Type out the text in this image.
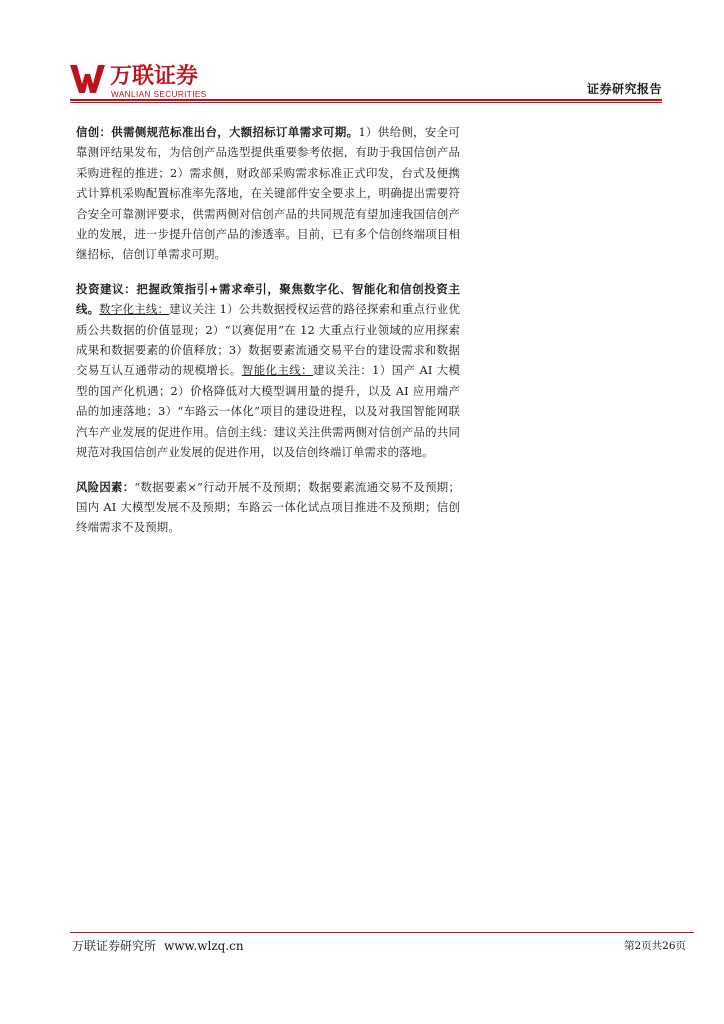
万联证券
WANLIAN SECURITIES	证券研究报告

信创：供需侧规范标准出台，大额招标订单需求可期。1）供给侧，安全可靠测评结果发布，为信创产品选型提供重要参考依据，有助于我国信创产品采购进程的推进；2）需求侧，财政部采购需求标准正式印发，台式及便携式计算机采购配置标准率先落地，在关键部件安全要求上，明确提出需要符合安全可靠测评要求，供需两侧对信创产品的共同规范有望加速我国信创产业的发展，进一步提升信创产品的渗透率。目前，已有多个信创终端项目相继招标，信创订单需求可期。

投资建议：把握政策指引+需求牵引，聚焦数字化、智能化和信创投资主线。数字化主线：建议关注 1）公共数据授权运营的路径探索和重点行业优质公共数据的价值显现；2）“以赛促用”在 12 大重点行业领域的应用探索成果和数据要素的价值释放；3）数据要素流通交易平台的建设需求和数据交易互认互通带动的规模增长。智能化主线：建议关注：1）国产 AI 大模型的国产化机遇；2）价格降低对大模型调用量的提升，以及 AI 应用端产品的加速落地；3）“车路云一体化”项目的建设进程，以及对我国智能网联汽车产业发展的促进作用。信创主线：建议关注供需两侧对信创产品的共同规范对我国信创产业发展的促进作用，以及信创终端订单需求的落地。

风险因素：“数据要素×”行动开展不及预期；数据要素流通交易不及预期；国内 AI 大模型发展不及预期；车路云一体化试点项目推进不及预期；信创终端需求不及预期。

万联证券研究所 www.wlzq.cn	第2页共26页
